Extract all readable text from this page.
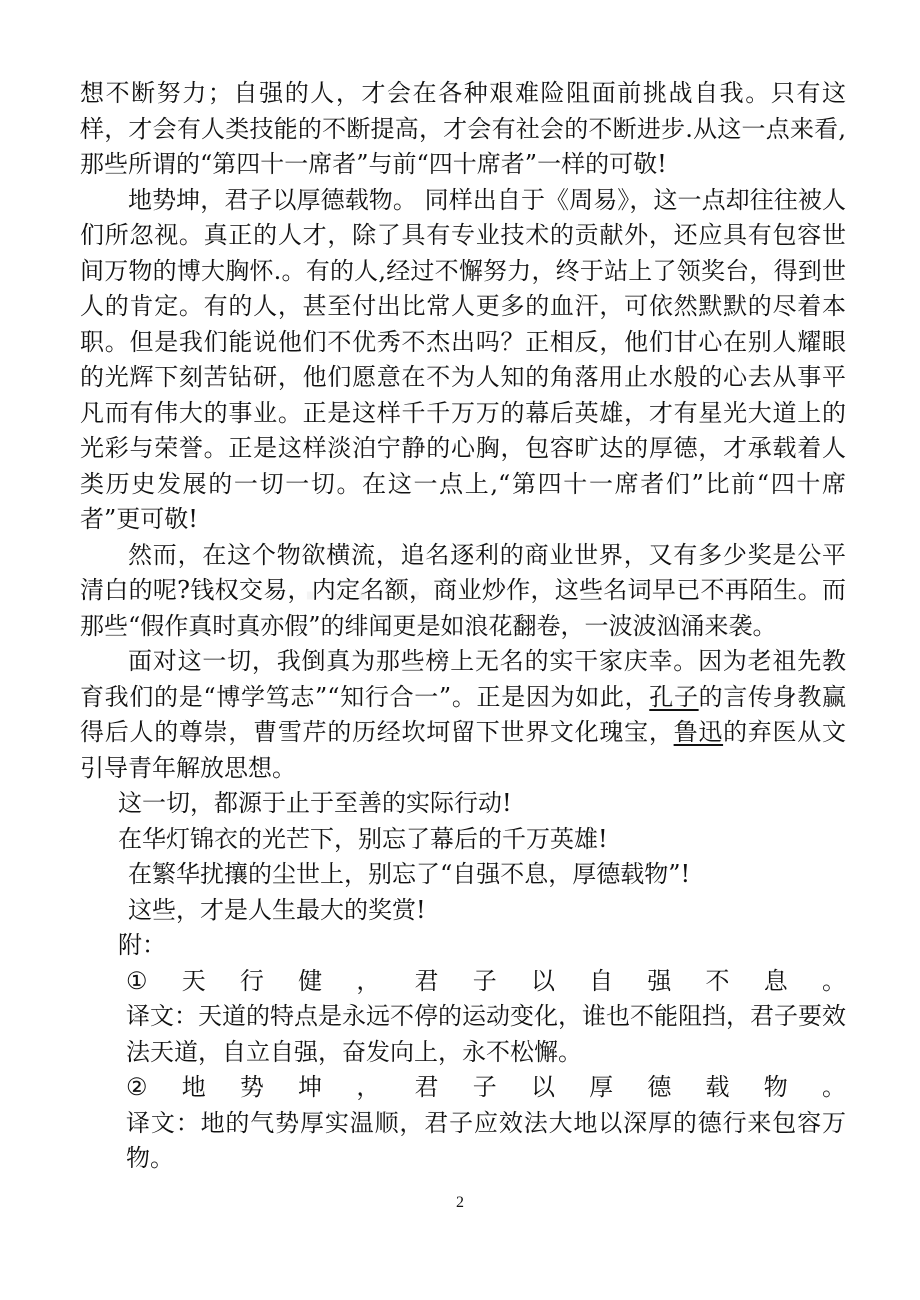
想不断努力；自强的人，才会在各种艰难险阻面前挑战自我。只有这样，才会有人类技能的不断提高，才会有社会的不断进步.从这一点来看,那些所谓的“第四十一席者”与前“四十席者”一样的可敬!

地势坤，君子以厚德载物。 同样出自于《周易》，这一点却往往被人们所忽视。真正的人才，除了具有专业技术的贡献外，还应具有包容世间万物的博大胸怀.。有的人,经过不懈努力，终于站上了领奖台，得到世人的肯定。有的人，甚至付出比常人更多的血汗，可依然默默的尽着本职。但是我们能说他们不优秀不杰出吗？正相反，他们甘心在别人耀眼的光辉下刻苦钻研，他们愿意在不为人知的角落用止水般的心去从事平凡而有伟大的事业。正是这样千千万万的幕后英雄，才有星光大道上的光彩与荣誉。正是这样淡泊宁静的心胸，包容旷达的厚德，才承载着人类历史发展的一切一切。在这一点上,“第四十一席者们”比前“四十席者”更可敬!

然而，在这个物欲横流，追名逐利的商业世界，又有多少奖是公平清白的呢?钱权交易，内定名额，商业炒作，这些名词早已不再陌生。而那些“假作真时真亦假”的绯闻更是如浪花翻卷，一波波汹涌来袭。

面对这一切，我倒真为那些榜上无名的实干家庆幸。因为老祖先教育我们的是“博学笃志”“知行合一”。正是因为如此，孔子的言传身教赢得后人的尊崇，曹雪芹的历经坎坷留下世界文化瑰宝，鲁迅的弃医从文引导青年解放思想。

这一切，都源于止于至善的实际行动!

在华灯锦衣的光芒下，别忘了幕后的千万英雄!

在繁华扰攘的尘世上，别忘了“自强不息，厚德载物”!

这些，才是人生最大的奖赏!

附：

① 天 行 健 ， 君 子 以 自 强 不 息 。

译文：天道的特点是永远不停的运动变化，谁也不能阻挡，君子要效法天道，自立自强，奋发向上，永不松懈。

② 地 势 坤 ， 君 子 以 厚 德 载 物 。

译文：地的气势厚实温顺，君子应效法大地以深厚的德行来包容万物。

2
